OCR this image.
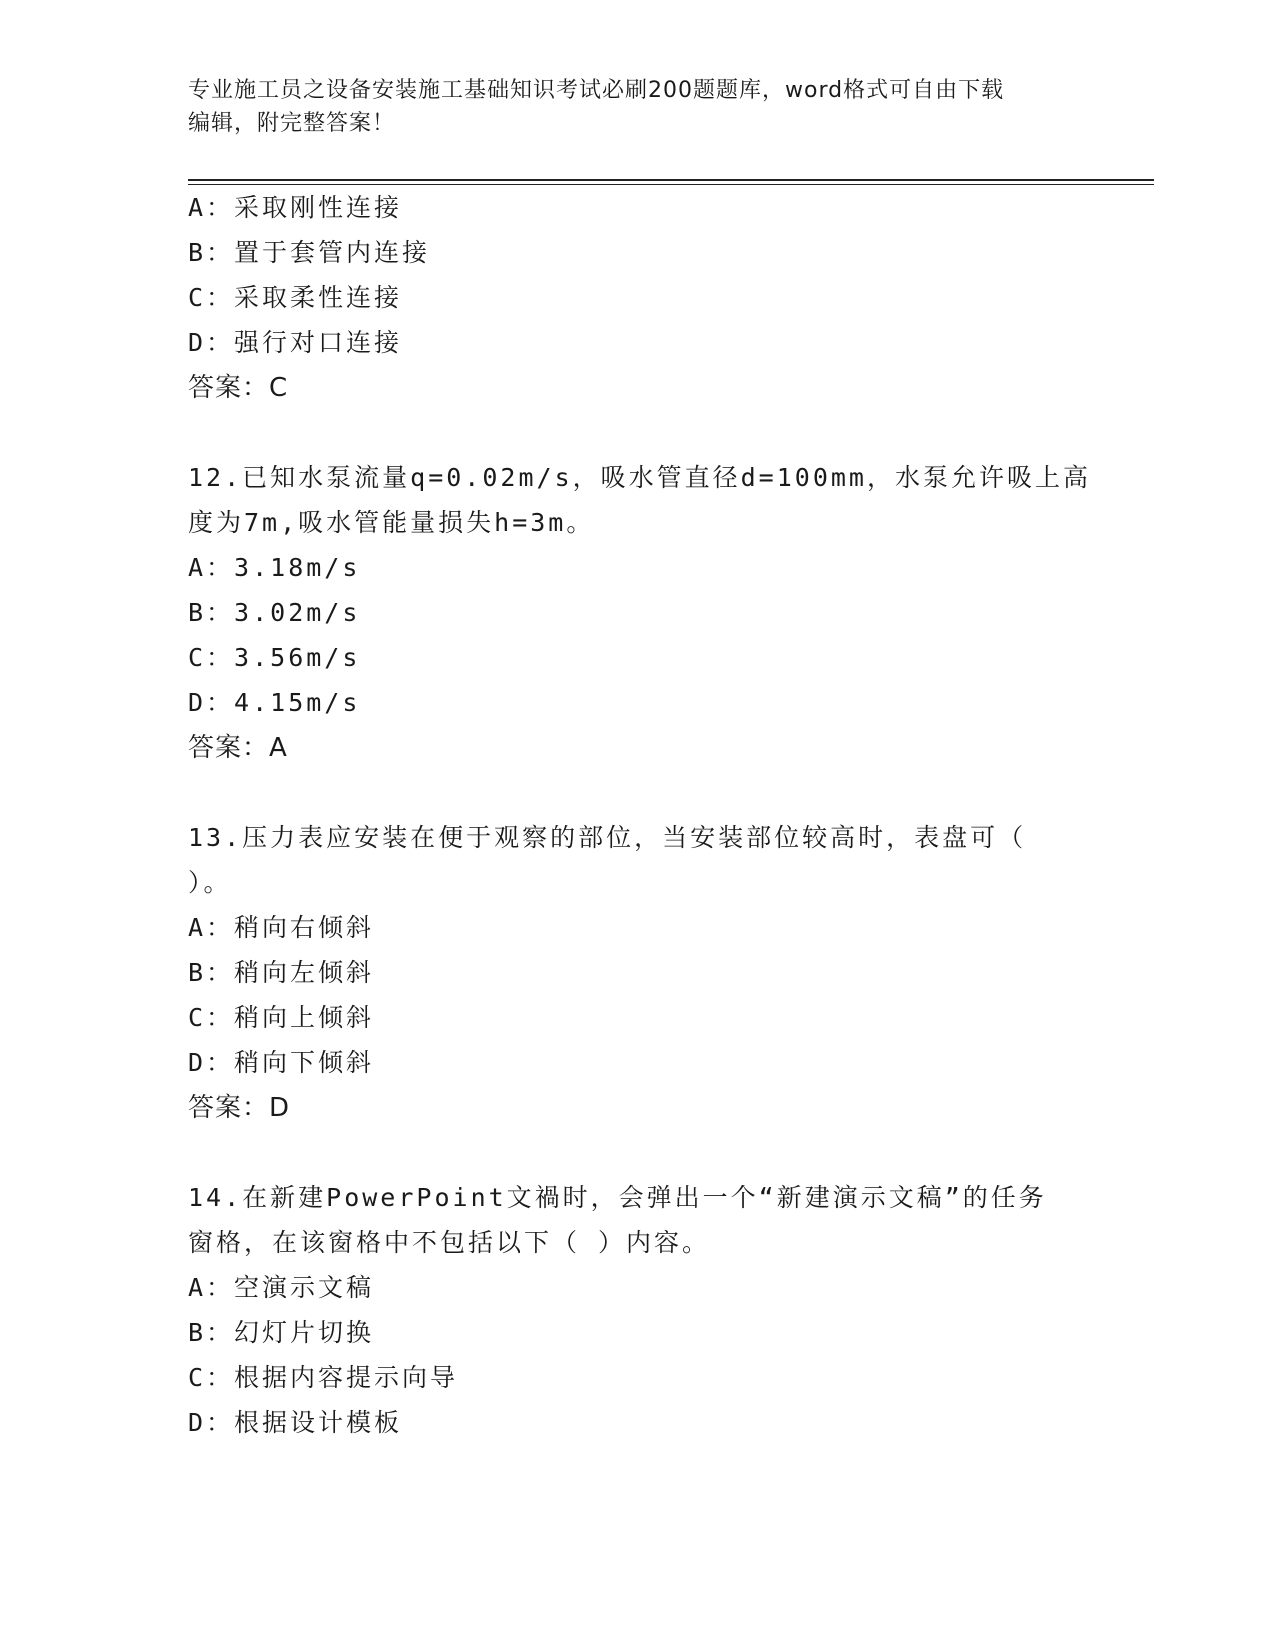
专业施工员之设备安装施工基础知识考试必刷200题题库，word格式可自由下载
编辑，附完整答案！
A：采取刚性连接
B：置于套管内连接
C：采取柔性连接
D：强行对口连接
答案：C
12.已知水泵流量q=0.02m/s，吸水管直径d=100mm，水泵允许吸上高
度为7m,吸水管能量损失h=3m。
A：3.18m/s
B：3.02m/s
C：3.56m/s
D：4.15m/s
答案：A
13.压力表应安装在便于观察的部位，当安装部位较高时，表盘可（
）。
A：稍向右倾斜
B：稍向左倾斜
C：稍向上倾斜
D：稍向下倾斜
答案：D
14.在新建PowerPoint文禍时，会弹出一个“新建演示文稿”的任务
窗格，在该窗格中不包括以下（ ）内容。
A：空演示文稿
B：幻灯片切换
C：根据内容提示向导
D：根据设计模板
